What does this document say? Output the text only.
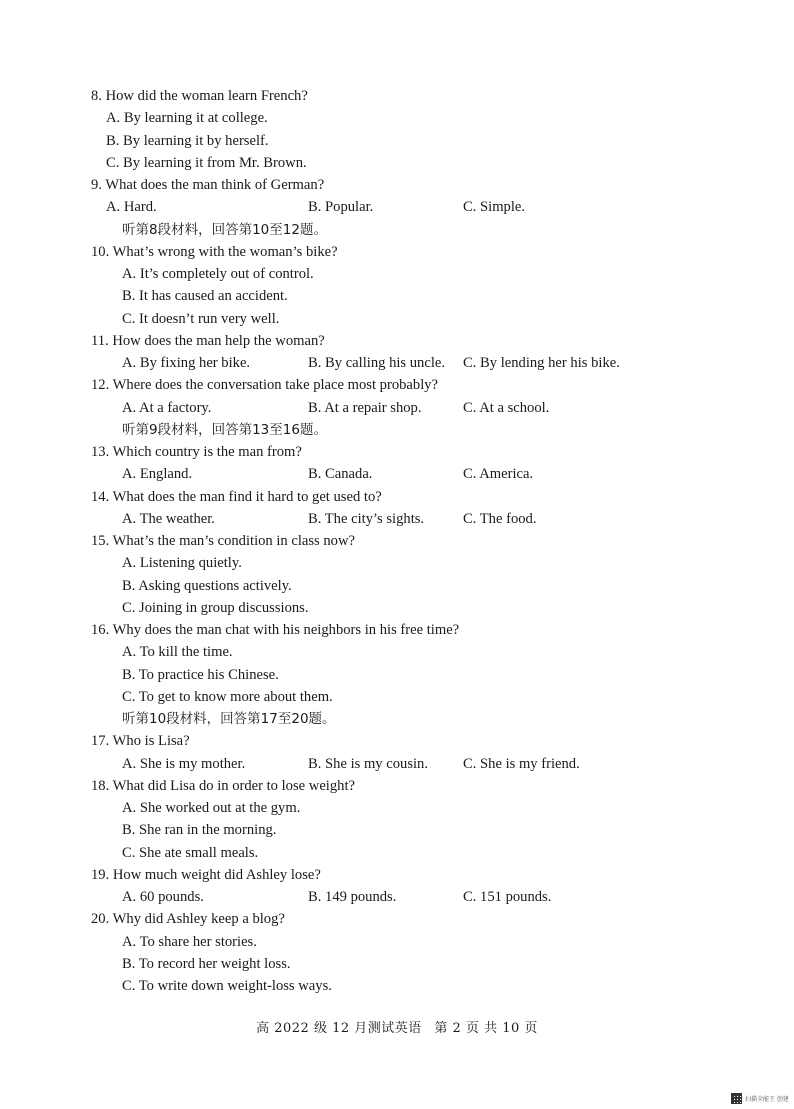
8. How did the woman learn French?
A. By learning it at college.
B. By learning it by herself.
C. By learning it from Mr. Brown.
9. What does the man think of German?
A. Hard.	B. Popular.	C. Simple.
听第8段材料，回答第10至12题。
10. What’s wrong with the woman’s bike?
A. It’s completely out of control.
B. It has caused an accident.
C. It doesn’t run very well.
11. How does the man help the woman?
A. By fixing her bike.	B. By calling his uncle. C. By lending her his bike.
12. Where does the conversation take place most probably?
A. At a factory.	B. At a repair shop.	C. At a school.
听第9段材料，回答第13至16题。
13. Which country is the man from?
A. England.	B. Canada.	C. America.
14. What does the man find it hard to get used to?
A. The weather.	B. The city’s sights.	C. The food.
15. What’s the man’s condition in class now?
A. Listening quietly.
B. Asking questions actively.
C. Joining in group discussions.
16. Why does the man chat with his neighbors in his free time?
A. To kill the time.
B. To practice his Chinese.
C. To get to know more about them.
听第10段材料，回答第17至20题。
17. Who is Lisa?
A. She is my mother.	B. She is my cousin. C. She is my friend.
18. What did Lisa do in order to lose weight?
A. She worked out at the gym.
B. She ran in the morning.
C. She ate small meals.
19. How much weight did Ashley lose?
A. 60 pounds.	B. 149 pounds.	C. 151 pounds.
20. Why did Ashley keep a blog?
A. To share her stories.
B. To record her weight loss.
C. To write down weight-loss ways.
高 2022 级 12 月测试英语 第 2 页 共 10 页
扫描全能王 创建
